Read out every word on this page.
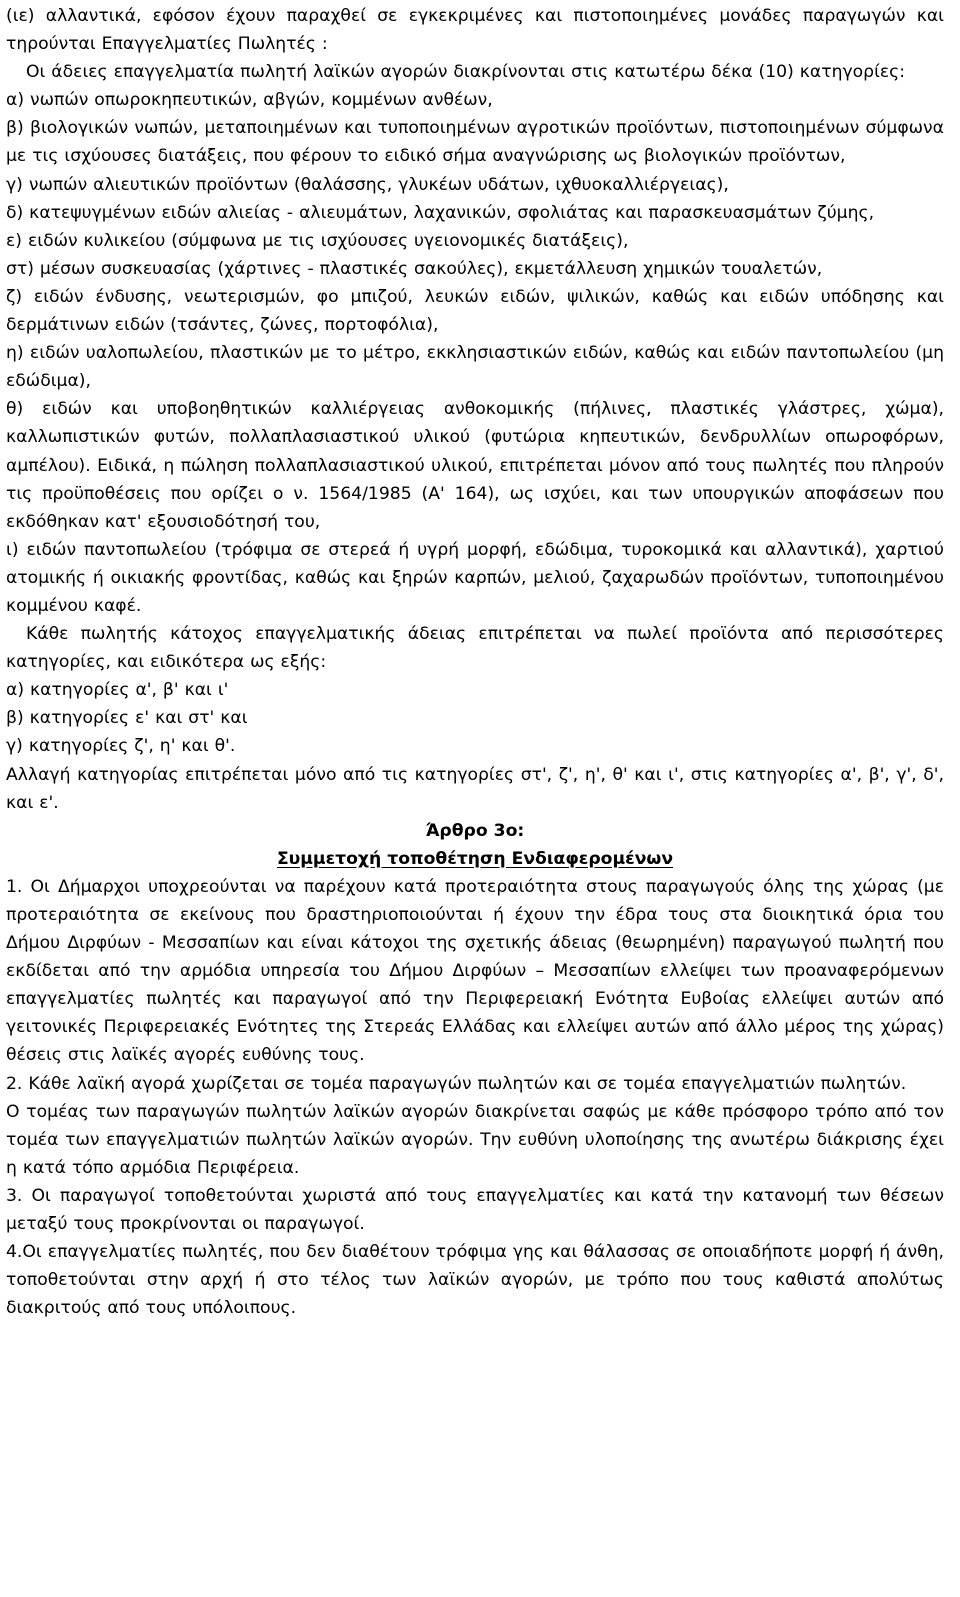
(ιε) αλλαντικά, εφόσον έχουν παραχθεί σε εγκεκριμένες και πιστοποιημένες μονάδες παραγωγών και τηρούνται Επαγγελματίες Πωλητές :

Οι άδειες επαγγελματία πωλητή λαϊκών αγορών διακρίνονται στις κατωτέρω δέκα (10) κατηγορίες:

α) νωπών οπωροκηπευτικών, αβγών, κομμένων ανθέων,

β) βιολογικών νωπών, μεταποιημένων και τυποποιημένων αγροτικών προϊόντων, πιστοποιημένων σύμφωνα με τις ισχύουσες διατάξεις, που φέρουν το ειδικό σήμα αναγνώρισης ως βιολογικών προϊόντων,

γ) νωπών αλιευτικών προϊόντων (θαλάσσης, γλυκέων υδάτων, ιχθυοκαλλιέργειας),

δ) κατεψυγμένων ειδών αλιείας - αλιευμάτων, λαχανικών, σφολιάτας και παρασκευασμάτων ζύμης,

ε) ειδών κυλικείου (σύμφωνα με τις ισχύουσες υγειονομικές διατάξεις),

στ) μέσων συσκευασίας (χάρτινες - πλαστικές σακούλες), εκμετάλλευση χημικών τουαλετών,

ζ) ειδών ένδυσης, νεωτερισμών, φο μπιζού, λευκών ειδών, ψιλικών, καθώς και ειδών υπόδησης και δερμάτινων ειδών (τσάντες, ζώνες, πορτοφόλια),

η) ειδών υαλοπωλείου, πλαστικών με το μέτρο, εκκλησιαστικών ειδών, καθώς και ειδών παντοπωλείου (μη εδώδιμα),

θ) ειδών και υποβοηθητικών καλλιέργειας ανθοκομικής (πήλινες, πλαστικές γλάστρες, χώμα), καλλωπιστικών φυτών, πολλαπλασιαστικού υλικού (φυτώρια κηπευτικών, δενδρυλλίων οπωροφόρων, αμπέλου). Ειδικά, η πώληση πολλαπλασιαστικού υλικού, επιτρέπεται μόνον από τους πωλητές που πληρούν τις προϋποθέσεις που ορίζει ο ν. 1564/1985 (Α' 164), ως ισχύει, και των υπουργικών αποφάσεων που εκδόθηκαν κατ' εξουσιοδότησή του,

ι) ειδών παντοπωλείου (τρόφιμα σε στερεά ή υγρή μορφή, εδώδιμα, τυροκομικά και αλλαντικά), χαρτιού ατομικής ή οικιακής φροντίδας, καθώς και ξηρών καρπών, μελιού, ζαχαρωδών προϊόντων, τυποποιημένου κομμένου καφέ.

Κάθε πωλητής κάτοχος επαγγελματικής άδειας επιτρέπεται να πωλεί προϊόντα από περισσότερες κατηγορίες, και ειδικότερα ως εξής:

α) κατηγορίες α', β' και ι'

β) κατηγορίες ε' και στ' και

γ) κατηγορίες ζ', η' και θ'.

Αλλαγή κατηγορίας επιτρέπεται μόνο από τις κατηγορίες στ', ζ', η', θ' και ι', στις κατηγορίες α', β', γ', δ', και ε'.

Άρθρο 3ο:
Συμμετοχή τοποθέτηση Ενδιαφερομένων

1. Οι Δήμαρχοι υποχρεούνται να παρέχουν κατά προτεραιότητα στους παραγωγούς όλης της χώρας (με προτεραιότητα σε εκείνους που δραστηριοποιούνται ή έχουν την έδρα τους στα διοικητικά όρια του Δήμου Διρφύων - Μεσσαπίων και είναι κάτοχοι της σχετικής άδειας (θεωρημένη) παραγωγού πωλητή που εκδίδεται από την αρμόδια υπηρεσία του Δήμου Διρφύων – Μεσσαπίων ελλείψει των προαναφερόμενων επαγγελματίες πωλητές και παραγωγοί από την Περιφερειακή Ενότητα Ευβοίας ελλείψει αυτών από γειτονικές Περιφερειακές Ενότητες της Στερεάς Ελλάδας και ελλείψει αυτών από άλλο μέρος της χώρας) θέσεις στις λαϊκές αγορές ευθύνης τους.

2. Κάθε λαϊκή αγορά χωρίζεται σε τομέα παραγωγών πωλητών και σε τομέα επαγγελματιών πωλητών.

Ο τομέας των παραγωγών πωλητών λαϊκών αγορών διακρίνεται σαφώς με κάθε πρόσφορο τρόπο από τον τομέα των επαγγελματιών πωλητών λαϊκών αγορών. Την ευθύνη υλοποίησης της ανωτέρω διάκρισης έχει η κατά τόπο αρμόδια Περιφέρεια.

3. Οι παραγωγοί τοποθετούνται χωριστά από τους επαγγελματίες και κατά την κατανομή των θέσεων μεταξύ τους προκρίνονται οι παραγωγοί.

4.Οι επαγγελματίες πωλητές, που δεν διαθέτουν τρόφιμα γης και θάλασσας σε οποιαδήποτε μορφή ή άνθη, τοποθετούνται στην αρχή ή στο τέλος των λαϊκών αγορών, με τρόπο που τους καθιστά απολύτως διακριτούς από τους υπόλοιπους.
